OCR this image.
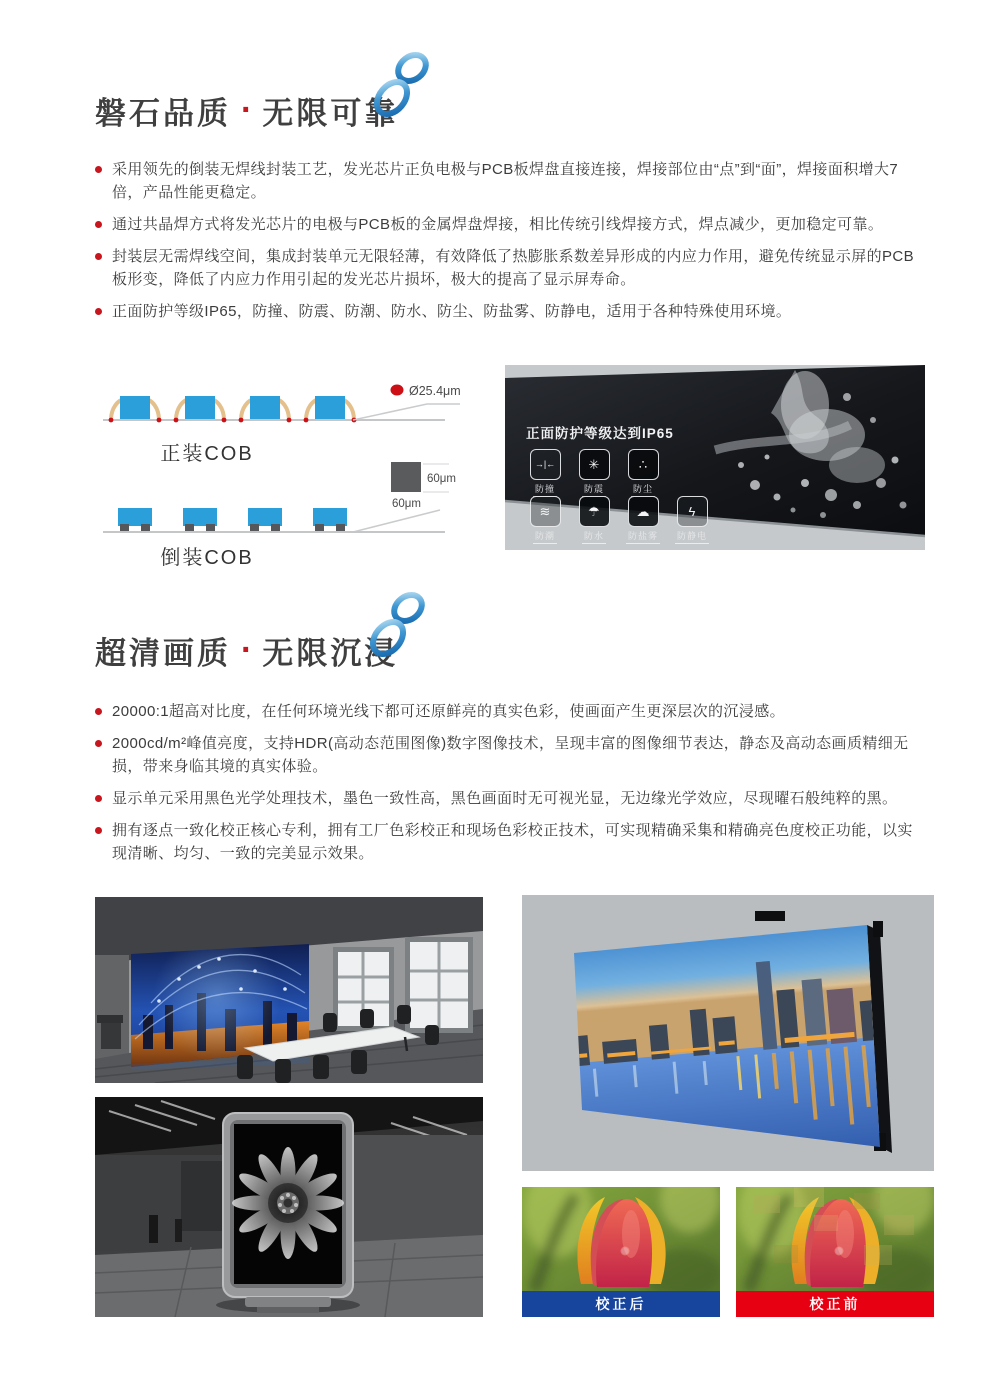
磐石品质 · 无限可靠
采用领先的倒装无焊线封装工艺，发光芯片正负电极与PCB板焊盘直接连接，焊接部位由“点”到“面”，焊接面积增大7倍，产品性能更稳定。
通过共晶焊方式将发光芯片的电极与PCB板的金属焊盘焊接，相比传统引线焊接方式，焊点减少，更加稳定可靠。
封装层无需焊线空间，集成封装单元无限轻薄，有效降低了热膨胀系数差异形成的内应力作用，避免传统显示屏的PCB板形变，降低了内应力作用引起的发光芯片损坏，极大的提高了显示屏寿命。
正面防护等级IP65，防撞、防震、防潮、防水、防尘、防盐雾、防静电，适用于各种特殊使用环境。
Ø25.4μm
正装COB
60μm
60μm
倒装COB
正面防护等级达到IP65
→|←
防撞
✳
防震
∴
防尘
≋
防潮
☂
防水
☁
防盐雾
ϟ
防静电
超清画质 · 无限沉浸
20000:1超高对比度，在任何环境光线下都可还原鲜亮的真实色彩，使画面产生更深层次的沉浸感。
2000cd/m²峰值亮度，支持HDR(高动态范围图像)数字图像技术，呈现丰富的图像细节表达，静态及高动态画质精细无损，带来身临其境的真实体验。
显示单元采用黑色光学处理技术，墨色一致性高，黑色画面时无可视光显，无边缘光学效应，尽现曜石般纯粹的黑。
拥有逐点一致化校正核心专利，拥有工厂色彩校正和现场色彩校正技术，可实现精确采集和精确亮色度校正功能，以实现清晰、均匀、一致的完美显示效果。
校正后	校正前
